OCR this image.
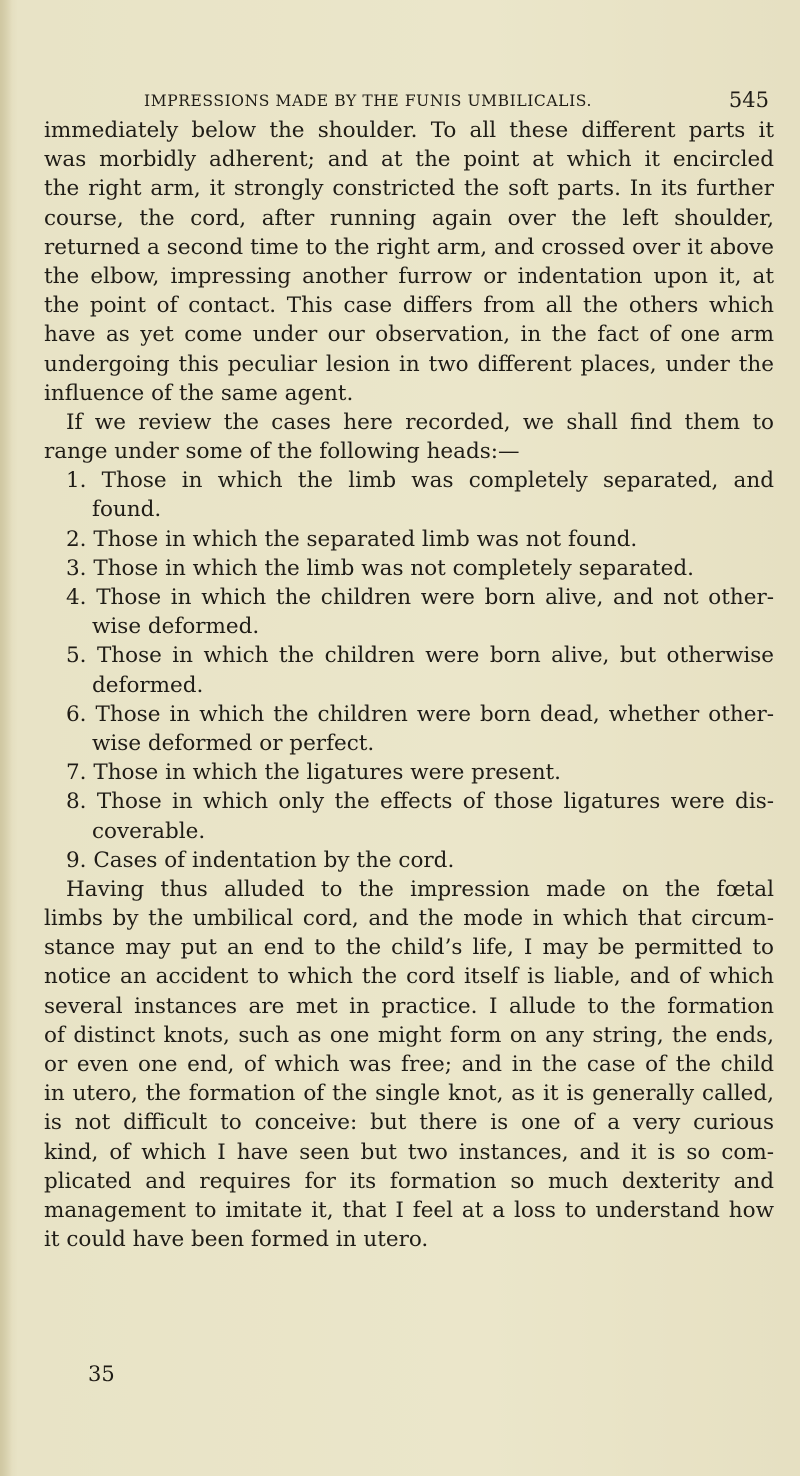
IMPRESSIONS MADE BY THE FUNIS UMBILICALIS.	545
immediately below the shoulder. To all these different parts it
was morbidly adherent; and at the point at which it encircled
the right arm, it strongly constricted the soft parts. In its further
course, the cord, after running again over the left shoulder,
returned a second time to the right arm, and crossed over it above
the elbow, impressing another furrow or indentation upon it, at
the point of contact. This case differs from all the others which
have as yet come under our observation, in the fact of one arm
undergoing this peculiar lesion in two different places, under the
influence of the same agent.
If we review the cases here recorded, we shall find them to
range under some of the following heads:—
1. Those in which the limb was completely separated, and
found.
2. Those in which the separated limb was not found.
3. Those in which the limb was not completely separated.
4. Those in which the children were born alive, and not other-
wise deformed.
5. Those in which the children were born alive, but otherwise
deformed.
6. Those in which the children were born dead, whether other-
wise deformed or perfect.
7. Those in which the ligatures were present.
8. Those in which only the effects of those ligatures were dis-
coverable.
9. Cases of indentation by the cord.
Having thus alluded to the impression made on the fœtal
limbs by the umbilical cord, and the mode in which that circum-
stance may put an end to the child’s life, I may be permitted to
notice an accident to which the cord itself is liable, and of which
several instances are met in practice. I allude to the formation
of distinct knots, such as one might form on any string, the ends,
or even one end, of which was free; and in the case of the child
in utero, the formation of the single knot, as it is generally called,
is not difficult to conceive: but there is one of a very curious
kind, of which I have seen but two instances, and it is so com-
plicated and requires for its formation so much dexterity and
management to imitate it, that I feel at a loss to understand how
it could have been formed in utero.
35
